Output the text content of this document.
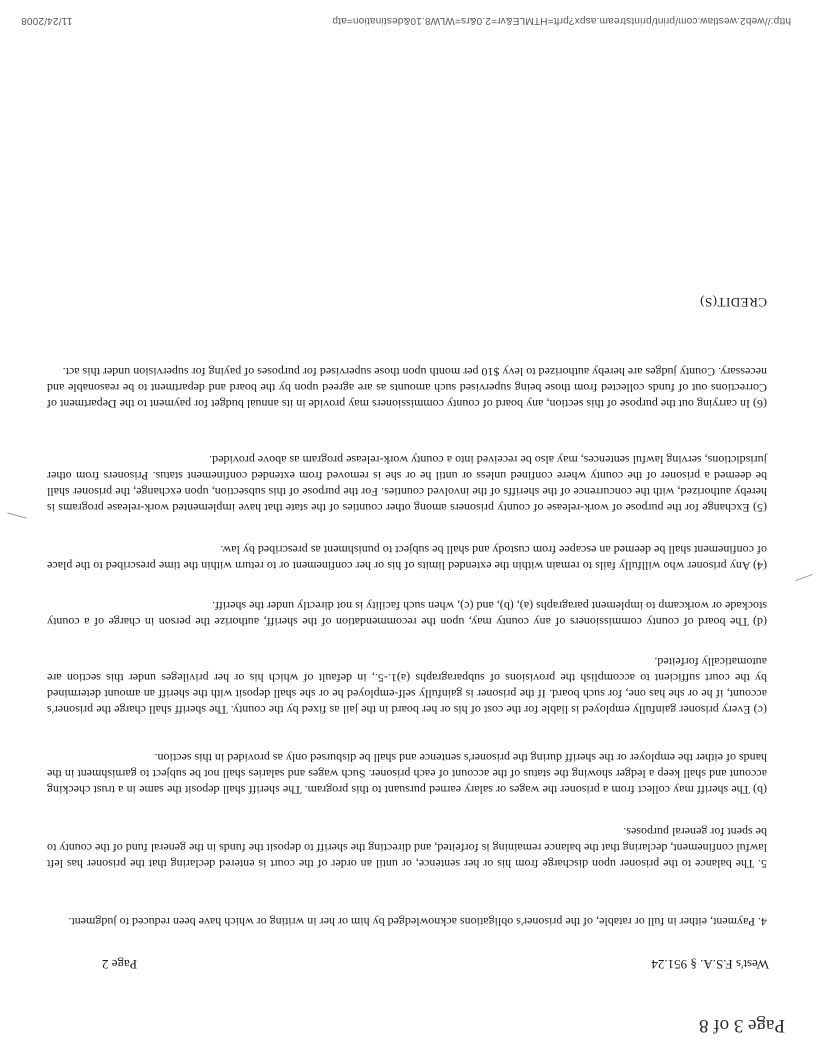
Page 3 of 8
West's F.S.A. § 951.24
Page 2

4. Payment, either in full or ratable, of the prisoner's obligations acknowledged by him or her in writing or which have been reduced to judgment.

5. The balance to the prisoner upon discharge from his or her sentence, or until an order of the court is entered declaring that the prisoner has left lawful confinement, declaring that the balance remaining is forfeited, and directing the sheriff to deposit the funds in the general fund of the county to be spent for general purposes.

(b) The sheriff may collect from a prisoner the wages or salary earned pursuant to this program. The sheriff shall deposit the same in a trust checking account and shall keep a ledger showing the status of the account of each prisoner. Such wages and salaries shall not be subject to garnishment in the hands of either the employer or the sheriff during the prisoner's sentence and shall be disbursed only as provided in this section.

(c) Every prisoner gainfully employed is liable for the cost of his or her board in the jail as fixed by the county. The sheriff shall charge the prisoner's account, if he or she has one, for such board. If the prisoner is gainfully self-employed he or she shall deposit with the sheriff an amount determined by the court sufficient to accomplish the provisions of subparagraphs (a)1.-5., in default of which his or her privileges under this section are automatically forfeited.

(d) The board of county commissioners of any county may, upon the recommendation of the sheriff, authorize the person in charge of a county stockade or workcamp to implement paragraphs (a), (b), and (c), when such facility is not directly under the sheriff.

(4) Any prisoner who willfully fails to remain within the extended limits of his or her confinement or to return within the time prescribed to the place of confinement shall be deemed an escapee from custody and shall be subject to punishment as prescribed by law.

(5) Exchange for the purpose of work-release of county prisoners among other counties of the state that have implemented work-release programs is hereby authorized, with the concurrence of the sheriffs of the involved counties. For the purpose of this subsection, upon exchange, the prisoner shall be deemed a prisoner of the county where confined unless or until he or she is removed from extended confinement status. Prisoners from other jurisdictions, serving lawful sentences, may also be received into a county work-release program as above provided.

(6) In carrying out the purpose of this section, any board of county commissioners may provide in its annual budget for payment to the Department of Corrections out of funds collected from those being supervised such amounts as are agreed upon by the board and department to be reasonable and necessary. County judges are hereby authorized to levy $10 per month upon those supervised for purposes of paying for supervision under this act.

CREDIT(S)
http://web2.westlaw.com/print/printstream.aspx?prft=HTMLE&vr=2.0&rs=WLW8.10&destination=atp
11/24/2008
